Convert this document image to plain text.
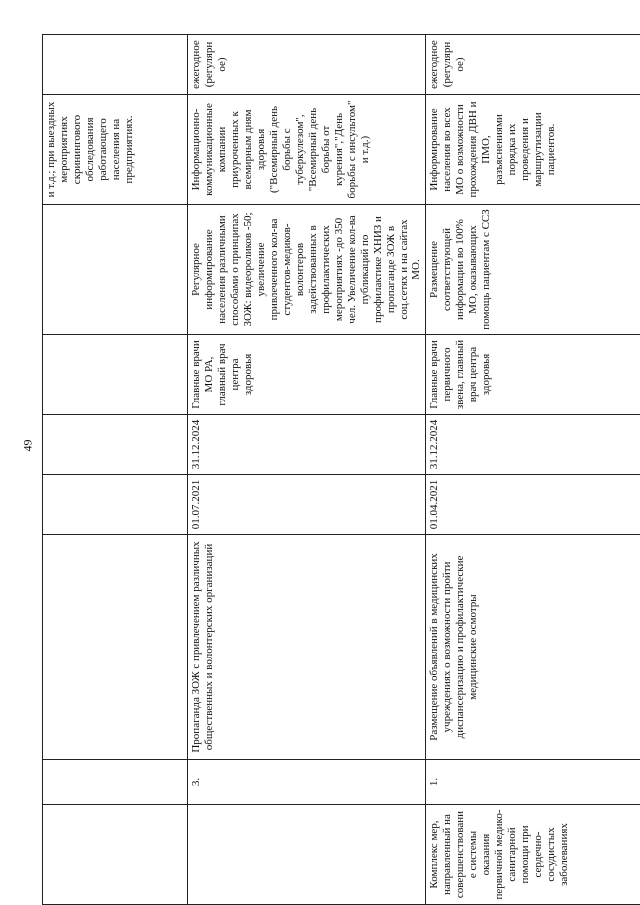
49
							и т.д.; при выездных мероприятиях скринингового обследования работающего населения на предприятиях.	
	3.	Пропаганда ЗОЖ с привлечением различных общественных и волонтерских организаций	01.07.2021	31.12.2024	Главные врачи МО РА, главный врач центра здоровья	Регулярное информирование населения различными способами о принципах ЗОЖ: видеороликов -50; увеличение привлеченного кол-ва студентов-медиков-волонтеров задействованных в профилактических мероприятиях -до 350 чел. Увеличение кол-ва публикаций по профилактике ХНИЗ и пропаганде ЗОЖ в соц.сетях и на сайтах МО.	Информационно-коммуникационные компании приуроченных к всемирным дням здоровья ("Всемирный день борьбы с туберкулезом", "Всемирный день борьбы от курения","День борьбы с инсультом" и т.д.)	ежегодное (регулярное)
Комплекс мер, направленный на совершенствование системы оказания первичной медико-санитарной помощи при сердечно-сосудистых заболеваниях	1.	Размещение объявлений в медицинских учреждениях о возможности пройти диспансеризацию и профилактические медицинские осмотры	01.04.2021	31.12.2024	Главные врачи первичного звена, главный врач центра здоровья	Размещение соответствующей информации во 100% МО, оказывающих помощь пациентам с ССЗ	Информирование населения во всех МО о возможности прохождения ДВН и ПМО, разъяснениями порядка их проведения и маршрутизации пациентов.	ежегодное (регулярное)
